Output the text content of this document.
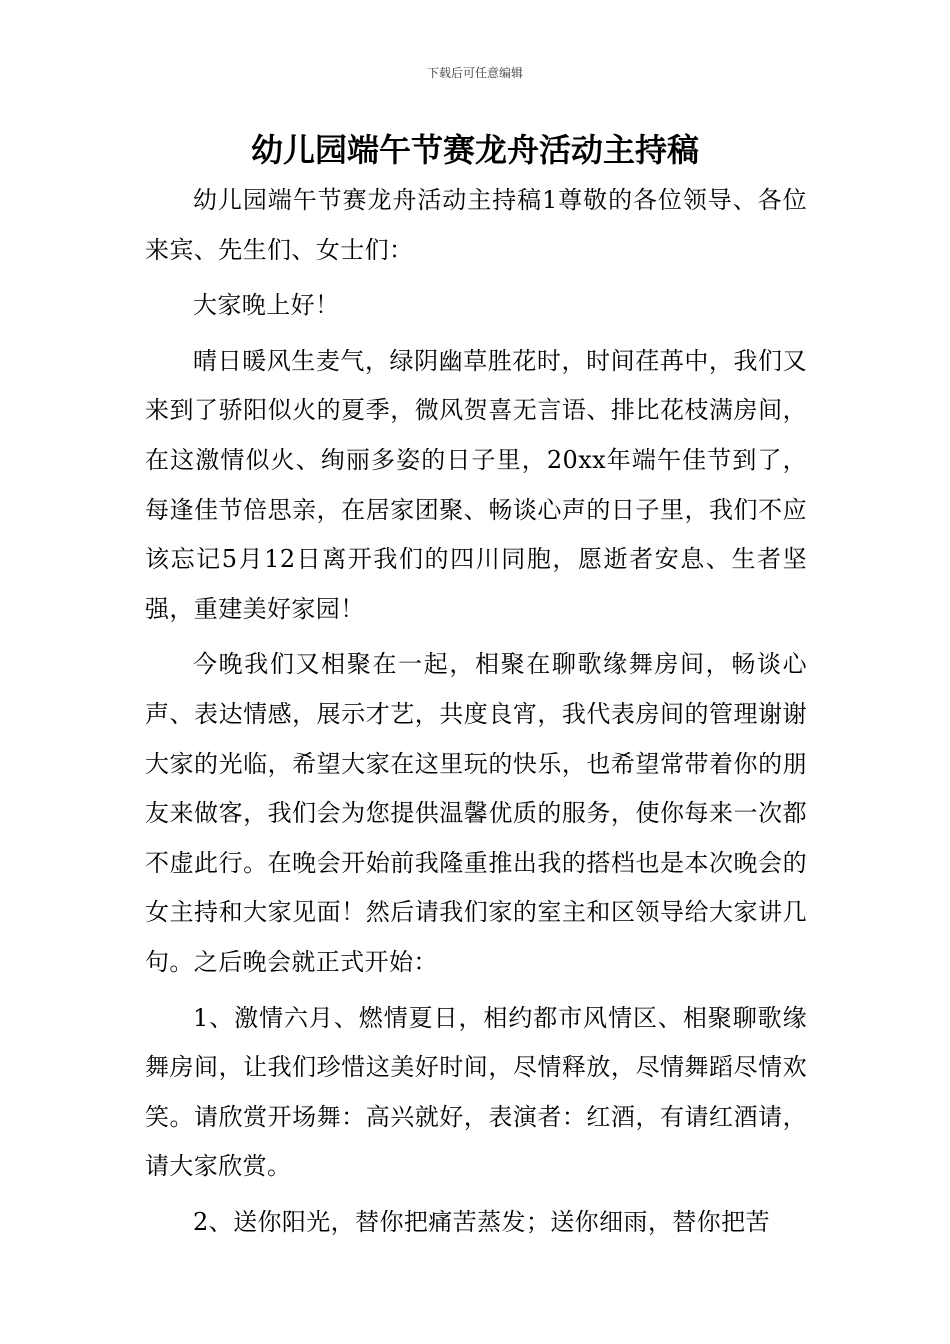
下载后可任意编辑
幼儿园端午节赛龙舟活动主持稿

幼儿园端午节赛龙舟活动主持稿1尊敬的各位领导、各位来宾、先生们、女士们：

大家晚上好！

晴日暖风生麦气，绿阴幽草胜花时，时间荏苒中，我们又来到了骄阳似火的夏季，微风贺喜无言语、排比花枝满房间，在这激情似火、绚丽多姿的日子里，20xx年端午佳节到了，每逢佳节倍思亲，在居家团聚、畅谈心声的日子里，我们不应该忘记5月12日离开我们的四川同胞，愿逝者安息、生者坚强，重建美好家园！

今晚我们又相聚在一起，相聚在聊歌缘舞房间，畅谈心声、表达情感，展示才艺，共度良宵，我代表房间的管理谢谢大家的光临，希望大家在这里玩的快乐，也希望常带着你的朋友来做客，我们会为您提供温馨优质的服务，使你每来一次都不虚此行。在晚会开始前我隆重推出我的搭档也是本次晚会的女主持和大家见面！然后请我们家的室主和区领导给大家讲几句。之后晚会就正式开始：

1、激情六月、燃情夏日，相约都市风情区、相聚聊歌缘舞房间，让我们珍惜这美好时间，尽情释放，尽情舞蹈尽情欢笑。请欣赏开场舞：高兴就好，表演者：红酒，有请红酒请，请大家欣赏。

2、送你阳光，替你把痛苦蒸发；送你细雨，替你把苦
